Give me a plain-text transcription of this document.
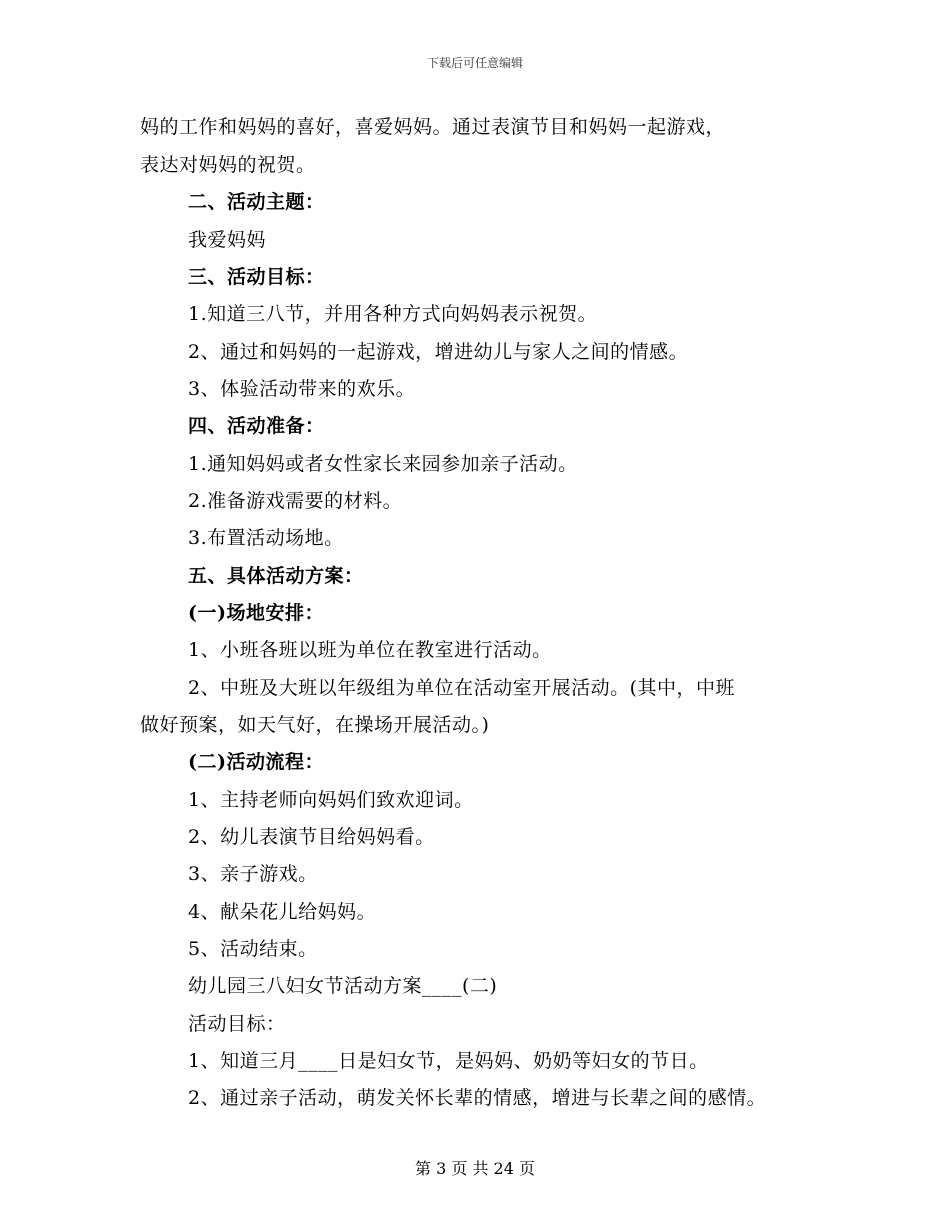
下载后可任意编辑
妈的工作和妈妈的喜好，喜爱妈妈。通过表演节目和妈妈一起游戏，
表达对妈妈的祝贺。
二、活动主题：
我爱妈妈
三、活动目标：
1.知道三八节，并用各种方式向妈妈表示祝贺。
2、通过和妈妈的一起游戏，增进幼儿与家人之间的情感。
3、体验活动带来的欢乐。
四、活动准备：
1.通知妈妈或者女性家长来园参加亲子活动。
2.准备游戏需要的材料。
3.布置活动场地。
五、具体活动方案：
(一)场地安排：
1、小班各班以班为单位在教室进行活动。
2、中班及大班以年级组为单位在活动室开展活动。(其中，中班
做好预案，如天气好，在操场开展活动。)
(二)活动流程：
1、主持老师向妈妈们致欢迎词。
2、幼儿表演节目给妈妈看。
3、亲子游戏。
4、献朵花儿给妈妈。
5、活动结束。
幼儿园三八妇女节活动方案____(二)
活动目标：
1、知道三月____日是妇女节，是妈妈、奶奶等妇女的节日。
2、通过亲子活动，萌发关怀长辈的情感，增进与长辈之间的感情。
第 3 页 共 24 页
